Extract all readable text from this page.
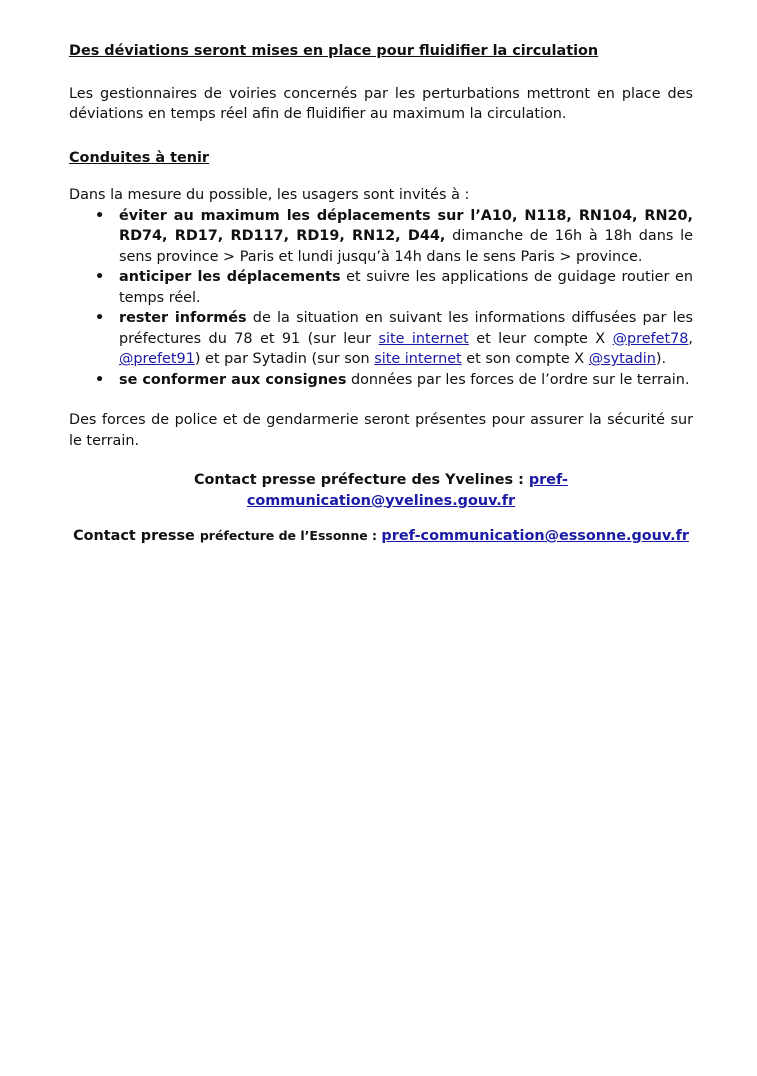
Des déviations seront mises en place pour fluidifier la circulation

Les gestionnaires de voiries concernés par les perturbations mettront en place des déviations en temps réel afin de fluidifier au maximum la circulation.

Conduites à tenir

Dans la mesure du possible, les usagers sont invités à :

• éviter au maximum les déplacements sur l’A10, N118, RN104, RN20, RD74, RD17, RD117, RD19, RN12, D44, dimanche de 16h à 18h dans le sens province > Paris et lundi jusqu’à 14h dans le sens Paris > province.
• anticiper les déplacements et suivre les applications de guidage routier en temps réel.
• rester informés de la situation en suivant les informations diffusées par les préfectures du 78 et 91 (sur leur site internet et leur compte X @prefet78, @prefet91) et par Sytadin (sur son site internet et son compte X @sytadin).
• se conformer aux consignes données par les forces de l’ordre sur le terrain.

Des forces de police et de gendarmerie seront présentes pour assurer la sécurité sur le terrain.

Contact presse préfecture des Yvelines : pref-communication@yvelines.gouv.fr

Contact presse préfecture de l’Essonne : pref-communication@essonne.gouv.fr
